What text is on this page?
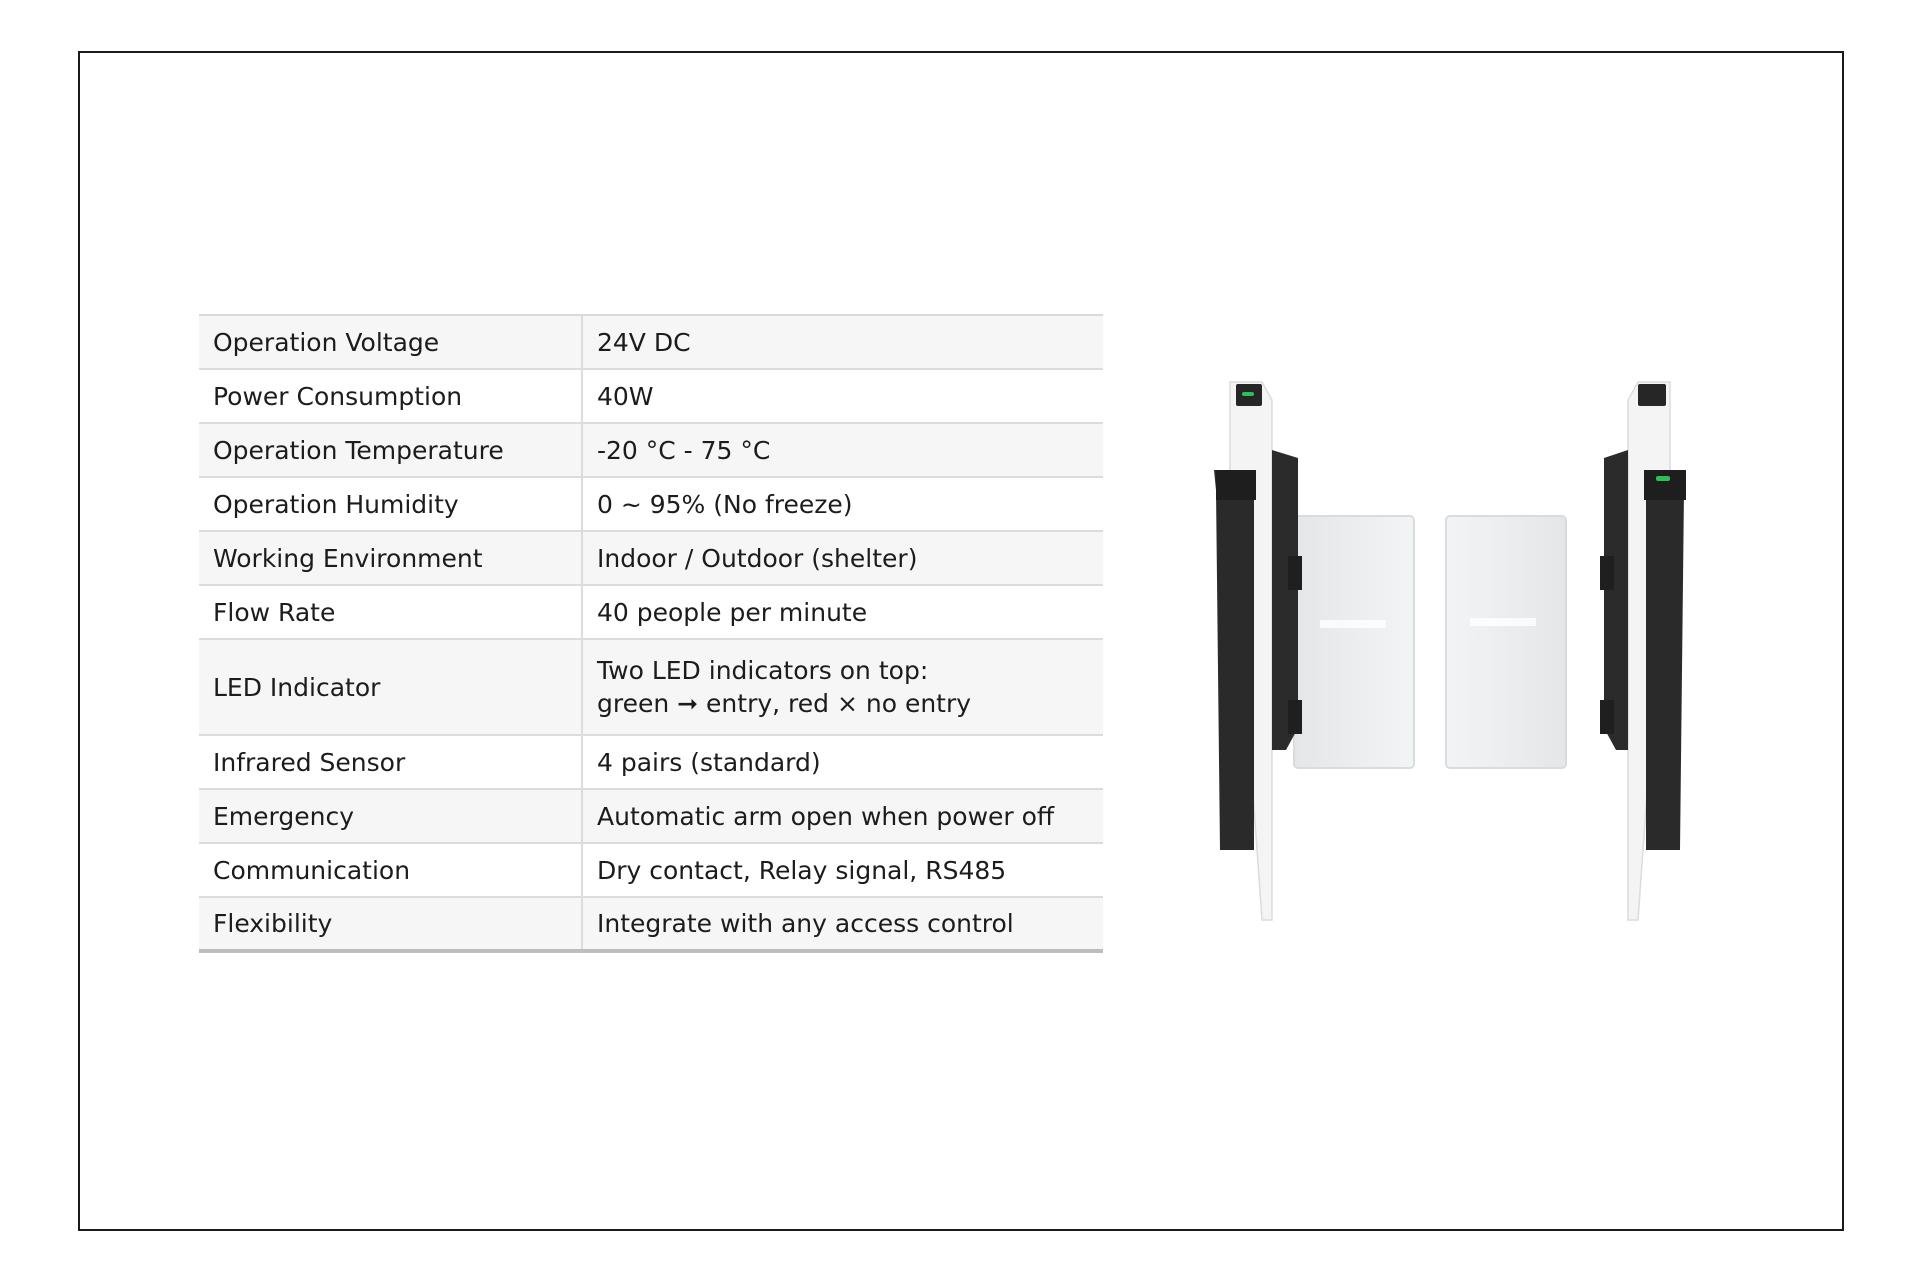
Operation Voltage	24V DC
Power Consumption	40W
Operation Temperature	-20 °C - 75 °C
Operation Humidity	0 ~ 95% (No freeze)
Working Environment	Indoor / Outdoor (shelter)
Flow Rate	40 people per minute
LED Indicator	Two LED indicators on top:
green ➞ entry, red × no entry

Infrared Sensor	4 pairs (standard)
Emergency	Automatic arm open when power off
Communication	Dry contact, Relay signal, RS485
Flexibility	Integrate with any access control
